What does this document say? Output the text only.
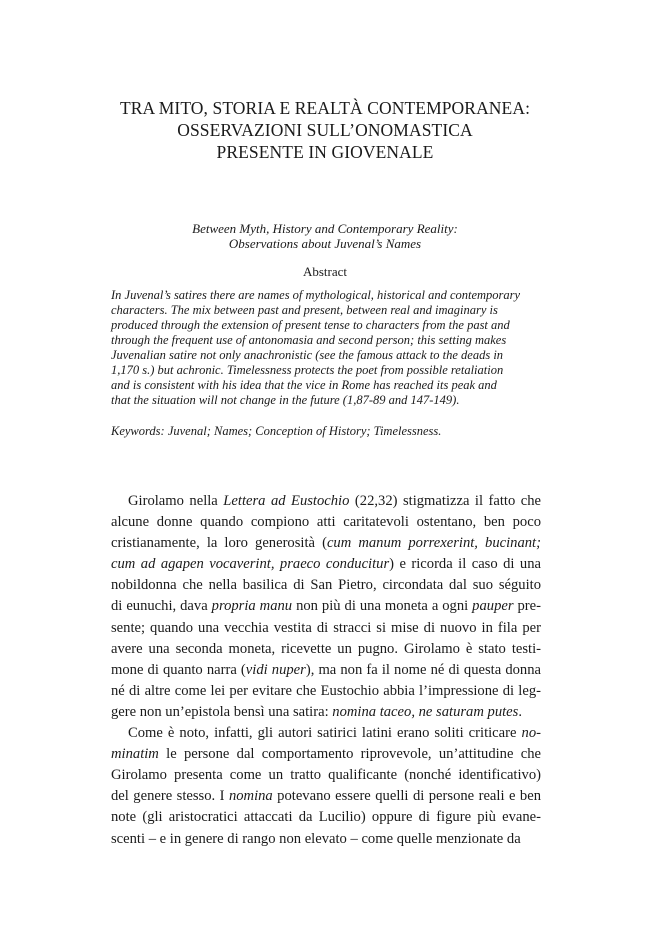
TRA MITO, STORIA E REALTÀ CONTEMPORANEA:
OSSERVAZIONI SULL’ONOMASTICA
PRESENTE IN GIOVENALE
Between Myth, History and Contemporary Reality:
Observations about Juvenal’s Names
Abstract
In Juvenal’s satires there are names of mythological, historical and contemporary
characters. The mix between past and present, between real and imaginary is
produced through the extension of present tense to characters from the past and
through the frequent use of antonomasia and second person; this setting makes
Juvenalian satire not only anachronistic (see the famous attack to the deads in
1,170 s.) but achronic. Timelessness protects the poet from possible retaliation
and is consistent with his idea that the vice in Rome has reached its peak and
that the situation will not change in the future (1,87-89 and 147-149).
Keywords: Juvenal; Names; Conception of History; Timelessness.
Girolamo nella Lettera ad Eustochio (22,32) stigmatizza il fatto che
alcune donne quando compiono atti caritatevoli ostentano, ben poco
cristianamente, la loro generosità (cum manum porrexerint, bucinant;
cum ad agapen vocaverint, praeco conducitur) e ricorda il caso di una
nobildonna che nella basilica di San Pietro, circondata dal suo séguito
di eunuchi, dava propria manu non più di una moneta a ogni pauper pre-
sente; quando una vecchia vestita di stracci si mise di nuovo in fila per
avere una seconda moneta, ricevette un pugno. Girolamo è stato testi-
mone di quanto narra (vidi nuper), ma non fa il nome né di questa donna
né di altre come lei per evitare che Eustochio abbia l’impressione di leg-
gere non un’epistola bensì una satira: nomina taceo, ne saturam putes.
Come è noto, infatti, gli autori satirici latini erano soliti criticare no-
minatim le persone dal comportamento riprovevole, un’attitudine che
Girolamo presenta come un tratto qualificante (nonché identificativo)
del genere stesso. I nomina potevano essere quelli di persone reali e ben
note (gli aristocratici attaccati da Lucilio) oppure di figure più evane-
scenti – e in genere di rango non elevato – come quelle menzionate da
